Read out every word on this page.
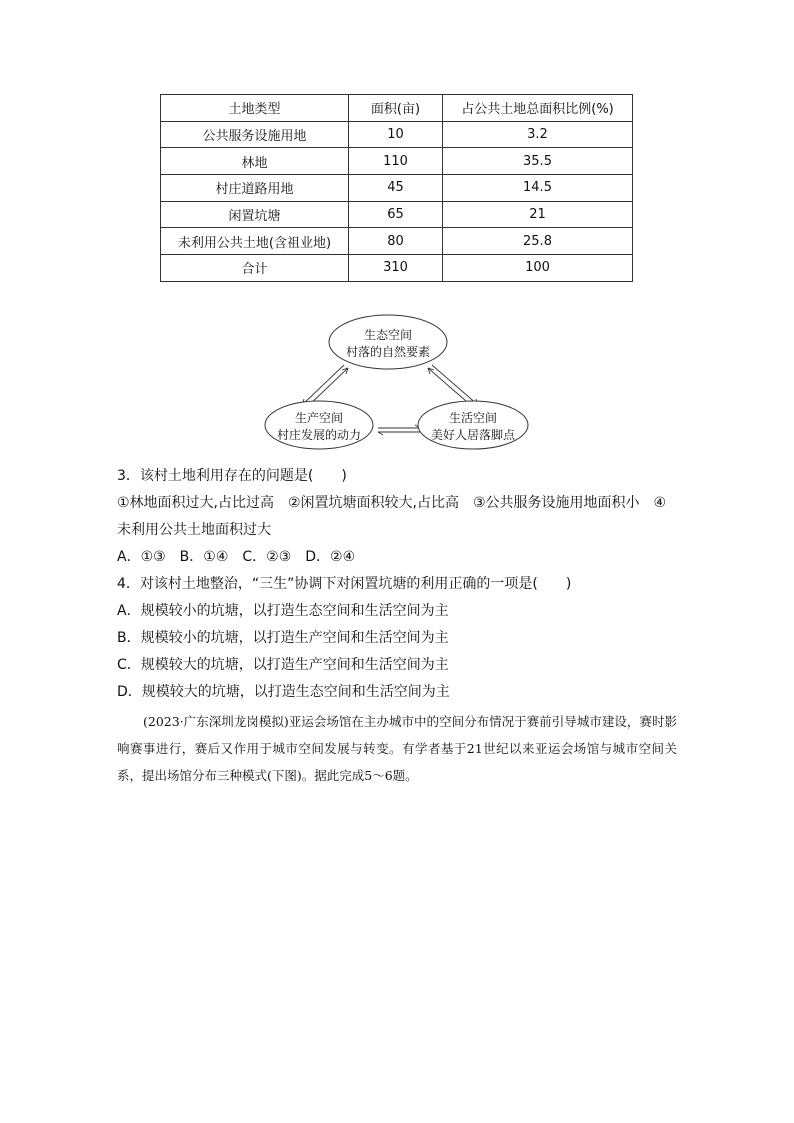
土地类型	面积(亩)	占公共土地总面积比例(%)
公共服务设施用地	10	3.2
林地	110	35.5
村庄道路用地	45	14.5
闲置坑塘	65	21
未利用公共土地(含祖业地)	80	25.8
合计	310	100
生态空间
村落的自然要素
生产空间
村庄发展的动力
生活空间
美好人居落脚点
3．该村土地利用存在的问题是(　　)
①林地面积过大,占比过高　②闲置坑塘面积较大,占比高　③公共服务设施用地面积小　④
未利用公共土地面积过大
A．①③　B．①④　C．②③　D．②④
4．对该村土地整治，“三生”协调下对闲置坑塘的利用正确的一项是(　　)
A．规模较小的坑塘，以打造生态空间和生活空间为主
B．规模较小的坑塘，以打造生产空间和生活空间为主
C．规模较大的坑塘，以打造生产空间和生活空间为主
D．规模较大的坑塘，以打造生态空间和生活空间为主

(2023·广东深圳龙岗模拟)亚运会场馆在主办城市中的空间分布情况于赛前引导城市建设，赛时影响赛事进行，赛后又作用于城市空间发展与转变。有学者基于21世纪以来亚运会场馆与城市空间关系，提出场馆分布三种模式(下图)。据此完成5～6题。
